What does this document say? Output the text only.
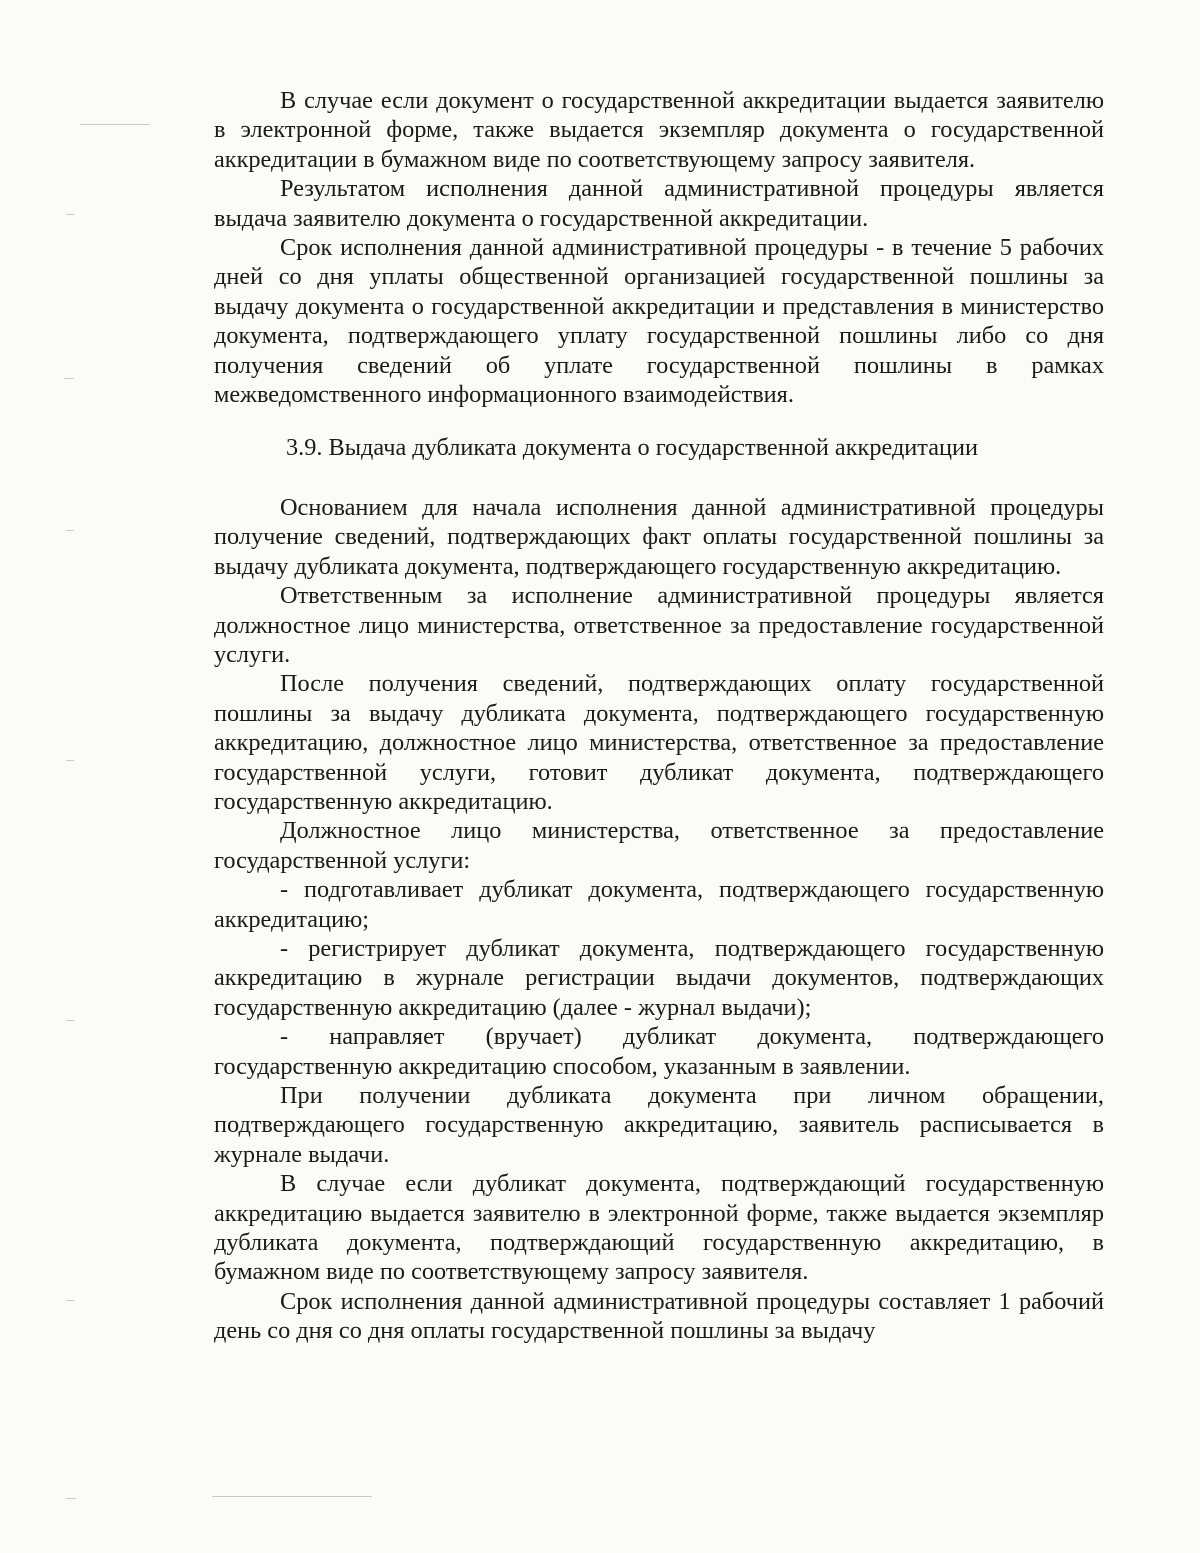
В случае если документ о государственной аккредитации выдается заявителю в электронной форме, также выдается экземпляр документа о государственной аккредитации в бумажном виде по соответствующему запросу заявителя.

Результатом исполнения данной административной процедуры является выдача заявителю документа о государственной аккредитации.

Срок исполнения данной административной процедуры - в течение 5 рабочих дней со дня уплаты общественной организацией государственной пошлины за выдачу документа о государственной аккредитации и представления в министерство документа, подтверждающего уплату государственной пошлины либо со дня получения сведений об уплате государственной пошлины в рамках межведомственного информационного взаимодействия.

3.9. Выдача дубликата документа о государственной аккредитации

Основанием для начала исполнения данной административной процедуры получение сведений, подтверждающих факт оплаты государственной пошлины за выдачу дубликата документа, подтверждающего государственную аккредитацию.

Ответственным за исполнение административной процедуры является должностное лицо министерства, ответственное за предоставление государственной услуги.

После получения сведений, подтверждающих оплату государственной пошлины за выдачу дубликата документа, подтверждающего государственную аккредитацию, должностное лицо министерства, ответственное за предоставление государственной услуги, готовит дубликат документа, подтверждающего государственную аккредитацию.

Должностное лицо министерства, ответственное за предоставление государственной услуги:

- подготавливает дубликат документа, подтверждающего государственную аккредитацию;

- регистрирует дубликат документа, подтверждающего государственную аккредитацию в журнале регистрации выдачи документов, подтверждающих государственную аккредитацию (далее - журнал выдачи);

- направляет (вручает) дубликат документа, подтверждающего государственную аккредитацию способом, указанным в заявлении.

При получении дубликата документа при личном обращении, подтверждающего государственную аккредитацию, заявитель расписывается в журнале выдачи.

В случае если дубликат документа, подтверждающий государственную аккредитацию выдается заявителю в электронной форме, также выдается экземпляр дубликата документа, подтверждающий государственную аккредитацию, в бумажном виде по соответствующему запросу заявителя.

Срок исполнения данной административной процедуры составляет 1 рабочий день со дня со дня оплаты государственной пошлины за выдачу
